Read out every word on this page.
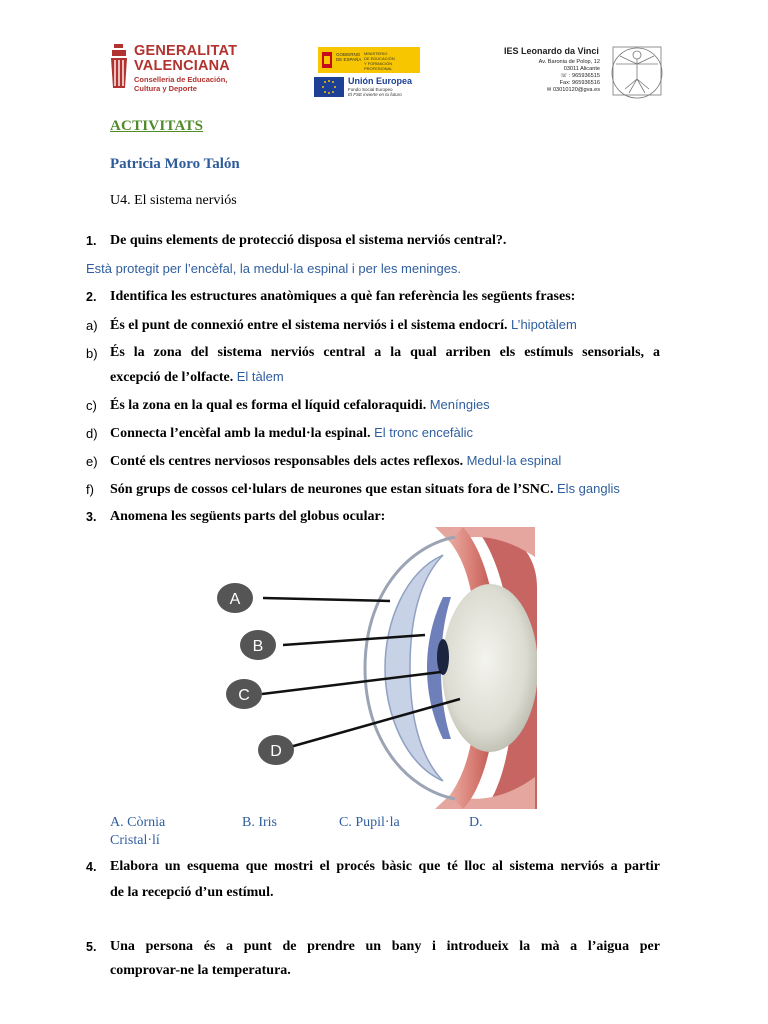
GENERALITAT
VALENCIANA
Conselleria de Educación,
Cultura y Deporte
GOBIERNO
DE ESPAÑA
MINISTERIO
DE EDUCACIÓN
Y FORMACIÓN PROFESIONAL
Unión Europea
Fondo Social Europeo
El FSE invierte en tu futuro
IES Leonardo da Vinci
Av. Baronia de Polop, 12
03011 Alicante
☏ : 965936515
Fax: 965936516
✉ 03010120@gva.es
ACTIVITATS
Patricia Moro Talón
U4. El sistema nerviós
1. De quins elements de protecció disposa el sistema nerviós central?.
Està protegit per l’encèfal, la medul·la espinal i per les meninges.
2. Identifica les estructures anatòmiques a què fan referència les següents frases:
a) És el punt de connexió entre el sistema nerviós i el sistema endocrí. L’hipotàlem
b) És la zona del sistema nerviós central a la qual arriben els estímuls sensorials, a
excepció de l’olfacte. El tàlem
c) És la zona en la qual es forma el líquid cefaloraquidi. Meníngies
d) Connecta l’encèfal amb la medul·la espinal. El tronc encefàlic
e) Conté els centres nerviosos responsables dels actes reflexos. Medul·la espinal
f) Són grups de cossos cel·lulars de neurones que estan situats fora de l’SNC. Els ganglis
3. Anomena les següents parts del globus ocular:
A
B
C
D
A. Còrnia	B. Iris	C. Pupil·la	D.
Cristal·lí
4. Elabora un esquema que mostri el procés bàsic que té lloc al sistema nerviós a partir
de la recepció d’un estímul.
5. Una persona és a punt de prendre un bany i introdueix la mà a l’aigua per
comprovar-ne la temperatura.
